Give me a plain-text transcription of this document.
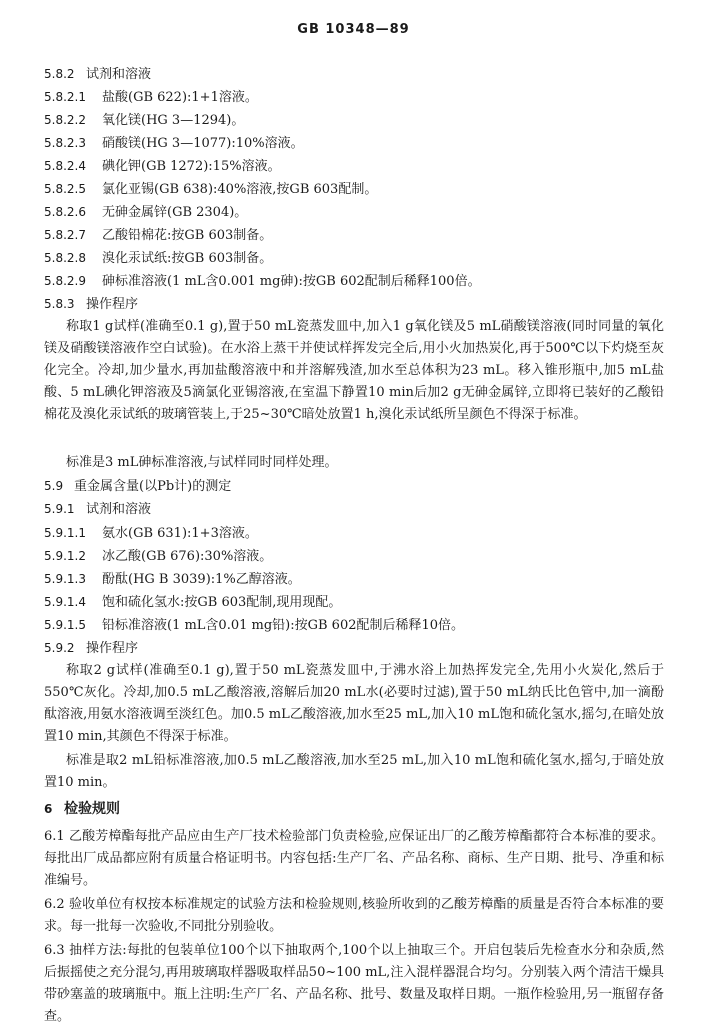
GB 10348—89
5.8.2 试剂和溶液
5.8.2.1 盐酸(GB 622):1+1溶液。
5.8.2.2 氧化镁(HG 3—1294)。
5.8.2.3 硝酸镁(HG 3—1077):10%溶液。
5.8.2.4 碘化钾(GB 1272):15%溶液。
5.8.2.5 氯化亚锡(GB 638):40%溶液,按GB 603配制。
5.8.2.6 无砷金属锌(GB 2304)。
5.8.2.7 乙酸铅棉花:按GB 603制备。
5.8.2.8 溴化汞试纸:按GB 603制备。
5.8.2.9 砷标准溶液(1 mL含0.001 mg砷):按GB 602配制后稀释100倍。
5.8.3 操作程序
称取1 g试样(准确至0.1 g),置于50 mL瓷蒸发皿中,加入1 g氧化镁及5 mL硝酸镁溶液(同时同量的氧化镁及硝酸镁溶液作空白试验)。在水浴上蒸干并使试样挥发完全后,用小火加热炭化,再于500℃以下灼烧至灰化完全。冷却,加少量水,再加盐酸溶液中和并溶解残渣,加水至总体积为23 mL。移入锥形瓶中,加5 mL盐酸、5 mL碘化钾溶液及5滴氯化亚锡溶液,在室温下静置10 min后加2 g无砷金属锌,立即将已装好的乙酸铅棉花及溴化汞试纸的玻璃管装上,于25~30℃暗处放置1 h,溴化汞试纸所呈颜色不得深于标准。
标准是3 mL砷标准溶液,与试样同时同样处理。
5.9 重金属含量(以Pb计)的测定
5.9.1 试剂和溶液
5.9.1.1 氨水(GB 631):1+3溶液。
5.9.1.2 冰乙酸(GB 676):30%溶液。
5.9.1.3 酚酞(HG B 3039):1%乙醇溶液。
5.9.1.4 饱和硫化氢水:按GB 603配制,现用现配。
5.9.1.5 铅标准溶液(1 mL含0.01 mg铅):按GB 602配制后稀释10倍。
5.9.2 操作程序
称取2 g试样(准确至0.1 g),置于50 mL瓷蒸发皿中,于沸水浴上加热挥发完全,先用小火炭化,然后于550℃灰化。冷却,加0.5 mL乙酸溶液,溶解后加20 mL水(必要时过滤),置于50 mL纳氏比色管中,加一滴酚酞溶液,用氨水溶液调至淡红色。加0.5 mL乙酸溶液,加水至25 mL,加入10 mL饱和硫化氢水,摇匀,在暗处放置10 min,其颜色不得深于标准。
标准是取2 mL铅标准溶液,加0.5 mL乙酸溶液,加水至25 mL,加入10 mL饱和硫化氢水,摇匀,于暗处放置10 min。
6 检验规则
6.1 乙酸芳樟酯每批产品应由生产厂技术检验部门负责检验,应保证出厂的乙酸芳樟酯都符合本标准的要求。每批出厂成品都应附有质量合格证明书。内容包括:生产厂名、产品名称、商标、生产日期、批号、净重和标准编号。
6.2 验收单位有权按本标准规定的试验方法和检验规则,核验所收到的乙酸芳樟酯的质量是否符合本标准的要求。每一批每一次验收,不同批分别验收。
6.3 抽样方法:每批的包装单位100个以下抽取两个,100个以上抽取三个。开启包装后先检查水分和杂质,然后振摇使之充分混匀,再用玻璃取样器吸取样品50~100 mL,注入混样器混合均匀。分别装入两个清洁干燥具带砂塞盖的玻璃瓶中。瓶上注明:生产厂名、产品名称、批号、数量及取样日期。一瓶作检验用,另一瓶留存备查。
